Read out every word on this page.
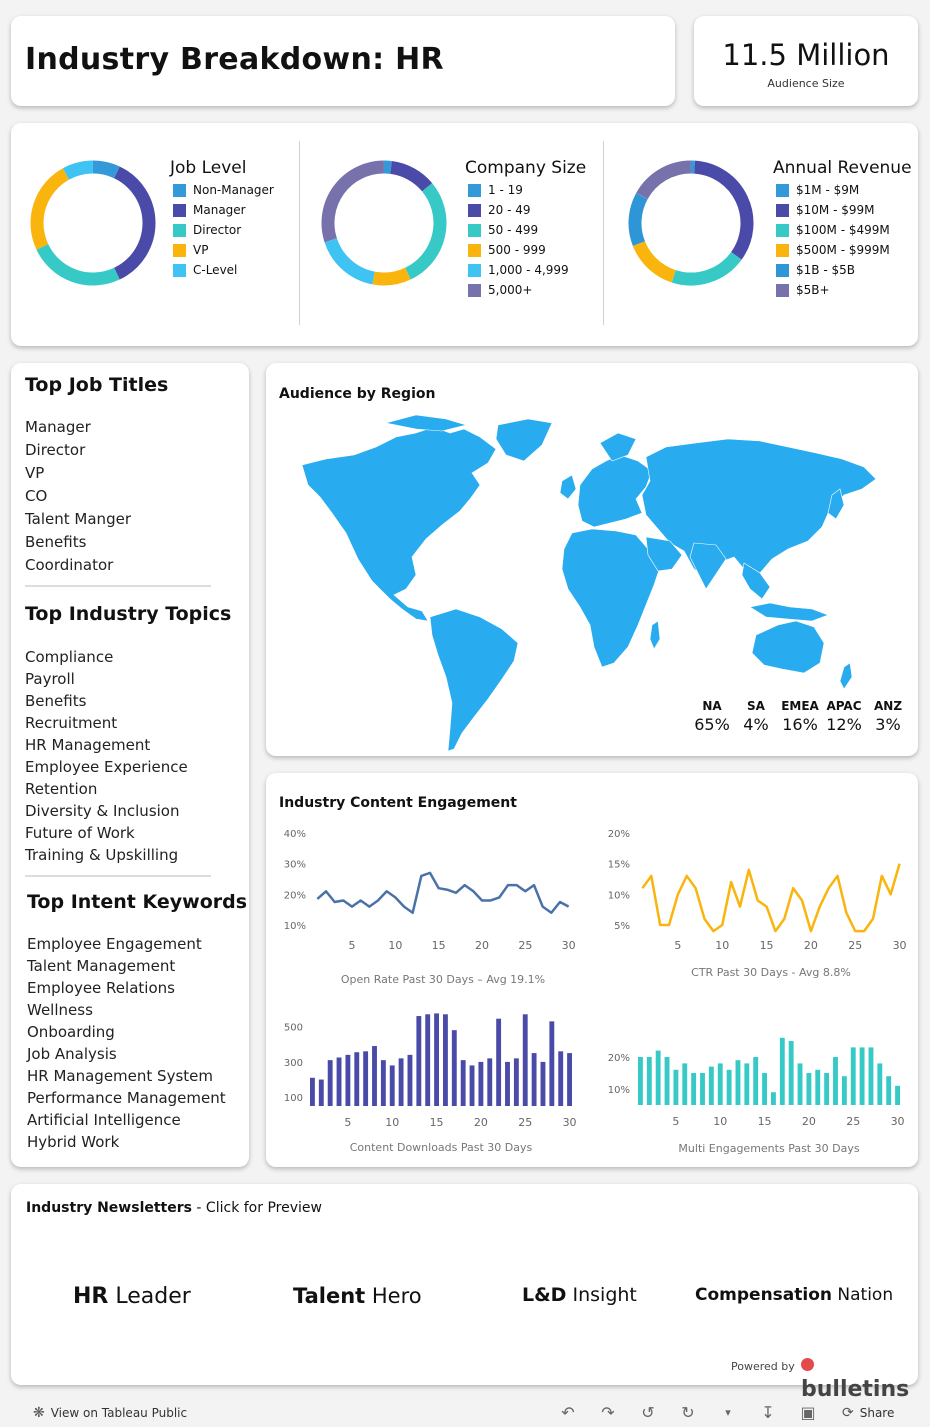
Industry Breakdown: HR	11.5 Million
Audience Size
Job Level
Non-Manager
Manager
Director
VP
C-Level
Company Size
1 - 19
20 - 49
50 - 499
500 - 999
1,000 - 4,999
5,000+
Annual Revenue
$1M - $9M
$10M - $99M
$100M - $499M
$500M - $999M
$1B - $5B
$5B+
Top Job Titles
Manager
Director
VP
CO
Talent Manger
Benefits
Coordinator
Top Industry Topics
Compliance
Payroll
Benefits
Recruitment
HR Management
Employee Experience
Retention
Diversity & Inclusion
Future of Work
Training & Upskilling
Top Intent Keywords
Employee Engagement
Talent Management
Employee Relations
Wellness
Onboarding
Job Analysis
HR Management System
Performance Management
Artificial Intelligence
Hybrid Work
Audience by Region
NA
65%
SA
4%
EMEA
16%
APAC
12%
ANZ
3%
Industry Content Engagement
40%
30%
20%
10%
5	10	15	20	25	30
Open Rate Past 30 Days – Avg 19.1%
20%
15%
10%
5%
5	10	15	20	25	30
CTR Past 30 Days - Avg 8.8%
500
300
100
5	10	15	20	25	30
Content Downloads Past 30 Days
20%
10%
5	10	15	20	25	30
Multi Engagements Past 30 Days
Industry Newsletters - Click for Preview
HR Leader	Talent Hero	L&D Insight	Compensation Nation
Powered by
bulletins
❋ View on Tableau Public	↶	↷	↺	↻	▾	↧	▣	⟳ Share
